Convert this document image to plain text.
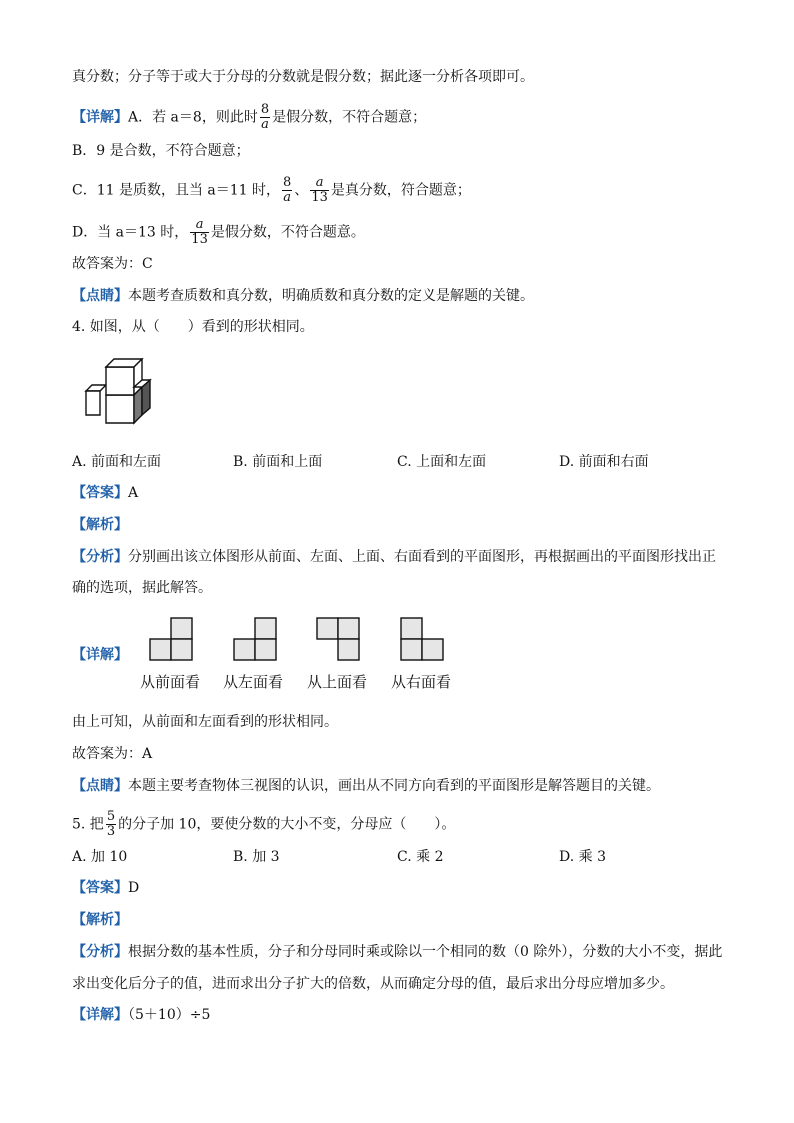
真分数；分子等于或大于分母的分数就是假分数；据此逐一分析各项即可。
【详解】A．若 a＝8，则此时 $\frac{8}{a}$ 是假分数，不符合题意；
B．9 是合数，不符合题意；
C．11 是质数，且当 a＝11 时， $\frac{8}{a}$ 、 $\frac{a}{13}$ 是真分数，符合题意；
D．当 a＝13 时， $\frac{a}{13}$ 是假分数，不符合题意。
故答案为：C
【点睛】本题考查质数和真分数，明确质数和真分数的定义是解题的关键。
4. 如图，从（　　）看到的形状相同。
A. 前面和左面	B. 前面和上面	C. 上面和左面	D. 前面和右面
【答案】A
【解析】
【分析】分别画出该立体图形从前面、左面、上面、右面看到的平面图形，再根据画出的平面图形找出正
确的选项，据此解答。
【详解】
从前面看 从左面看 从上面看 从右面看
由上可知，从前面和左面看到的形状相同。
故答案为：A
【点睛】本题主要考查物体三视图的认识，画出从不同方向看到的平面图形是解答题目的关键。
5. 把 $\frac{5}{3}$ 的分子加 10，要使分数的大小不变，分母应（　　）。
A. 加 10	B. 加 3	C. 乘 2	D. 乘 3
【答案】D
【解析】
【分析】根据分数的基本性质，分子和分母同时乘或除以一个相同的数（0 除外），分数的大小不变，据此
求出变化后分子的值，进而求出分子扩大的倍数，从而确定分母的值，最后求出分母应增加多少。
【详解】（5＋10）÷5
